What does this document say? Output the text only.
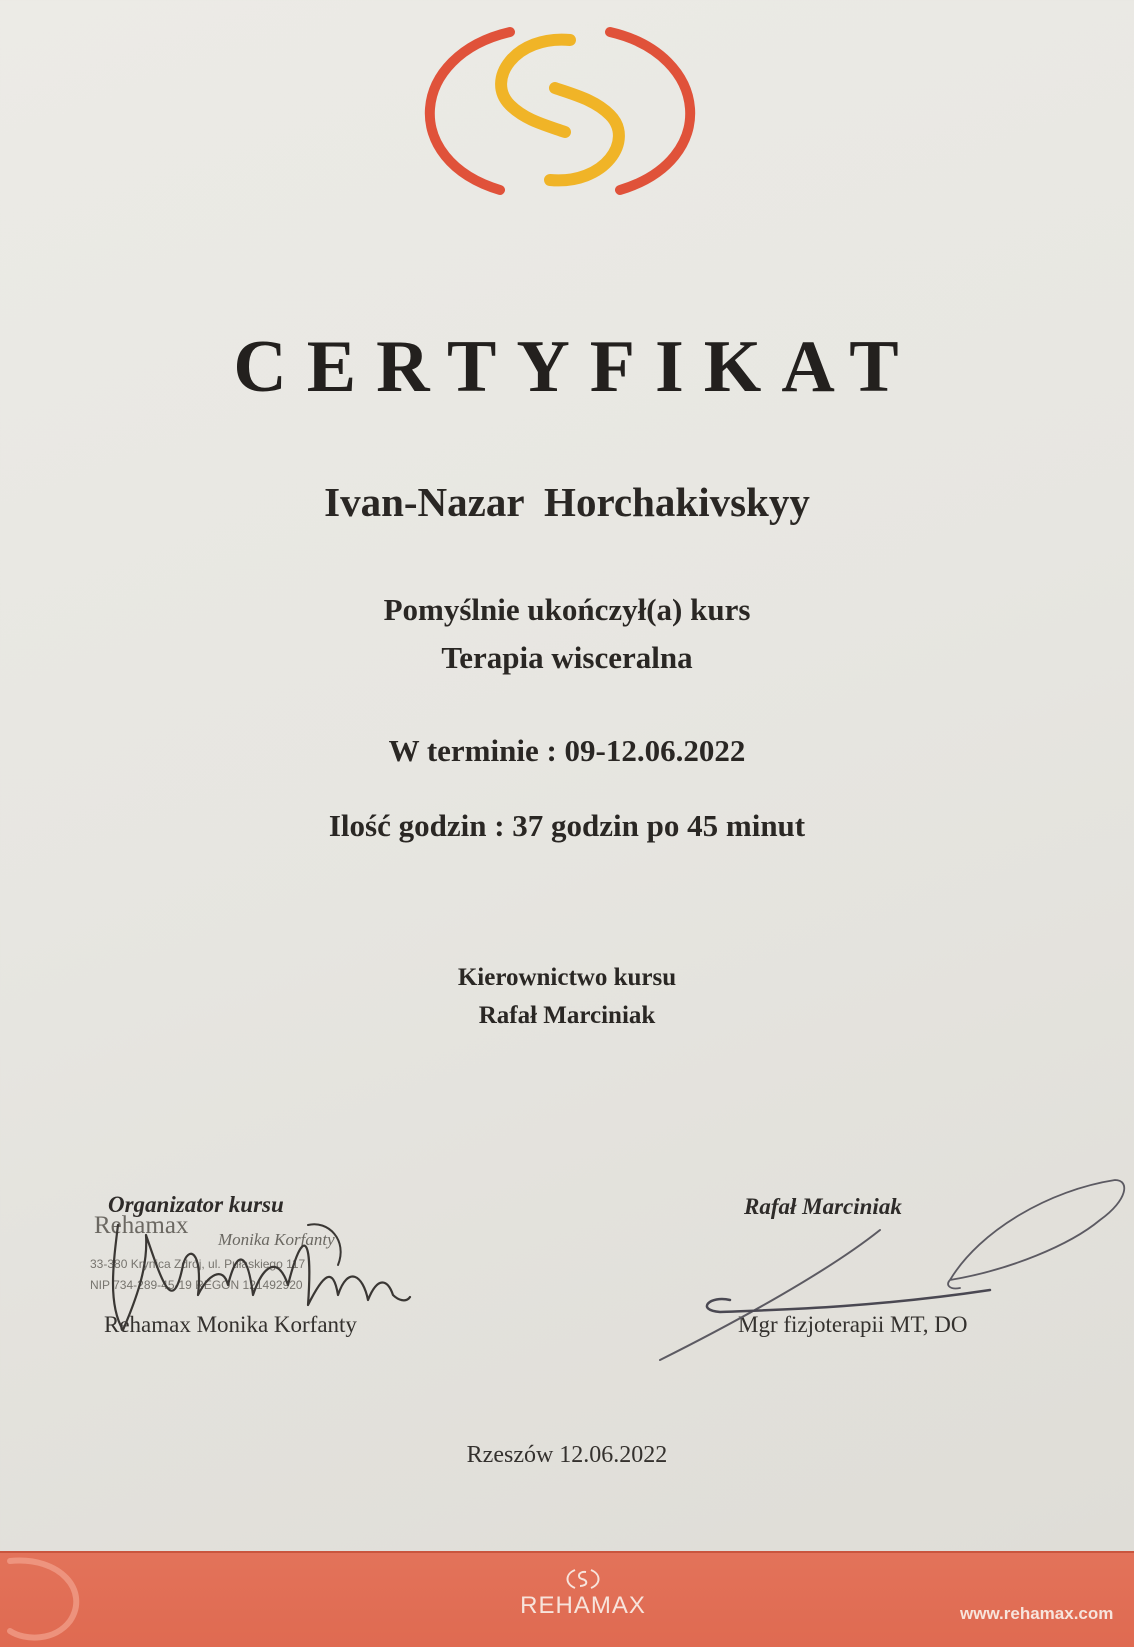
CERTYFIKAT
Ivan-Nazar Horchakivskyy
Pomyślnie ukończył(a) kurs
Terapia wisceralna
W terminie : 09-12.06.2022
Ilość godzin : 37 godzin po 45 minut
Kierownictwo kursu
Rafał Marciniak
Organizator kursu
Rehamax
Monika Korfanty
33-380 Krynica Zdrój, ul. Pułaskiego 117
NIP 734-289-45-19 REGON 121492920
Rehamax Monika Korfanty
Rafał Marciniak
Mgr fizjoterapii MT, DO
Rzeszów 12.06.2022
REHAMAX	www.rehamax.com
